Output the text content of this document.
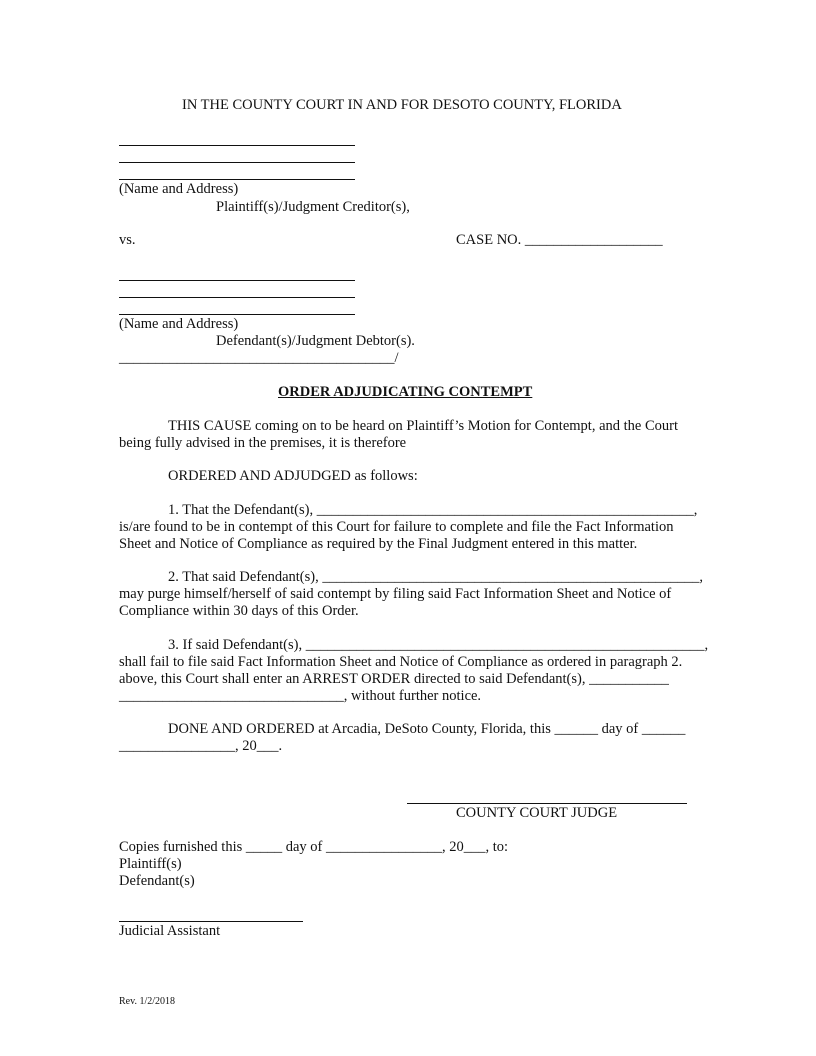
IN THE COUNTY COURT IN AND FOR DESOTO COUNTY, FLORIDA
(Name and Address)
Plaintiff(s)/Judgment Creditor(s),
vs.	CASE NO. ___________________
(Name and Address)
Defendant(s)/Judgment Debtor(s).
______________________________________/
ORDER ADJUDICATING CONTEMPT
THIS CAUSE coming on to be heard on Plaintiff’s Motion for Contempt, and the Court
being fully advised in the premises, it is therefore
ORDERED AND ADJUDGED as follows:
1. That the Defendant(s), ____________________________________________________,
is/are found to be in contempt of this Court for failure to complete and file the Fact Information
Sheet and Notice of Compliance as required by the Final Judgment entered in this matter.
2. That said Defendant(s), ____________________________________________________,
may purge himself/herself of said contempt by filing said Fact Information Sheet and Notice of
Compliance within 30 days of this Order.
3. If said Defendant(s), _______________________________________________________,
shall fail to file said Fact Information Sheet and Notice of Compliance as ordered in paragraph 2.
above, this Court shall enter an ARREST ORDER directed to said Defendant(s), ___________
_______________________________, without further notice.
DONE AND ORDERED at Arcadia, DeSoto County, Florida, this ______ day of ______
________________, 20___.
COUNTY COURT JUDGE
Copies furnished this _____ day of ________________, 20___, to:
Plaintiff(s)
Defendant(s)
Judicial Assistant
Rev. 1/2/2018
